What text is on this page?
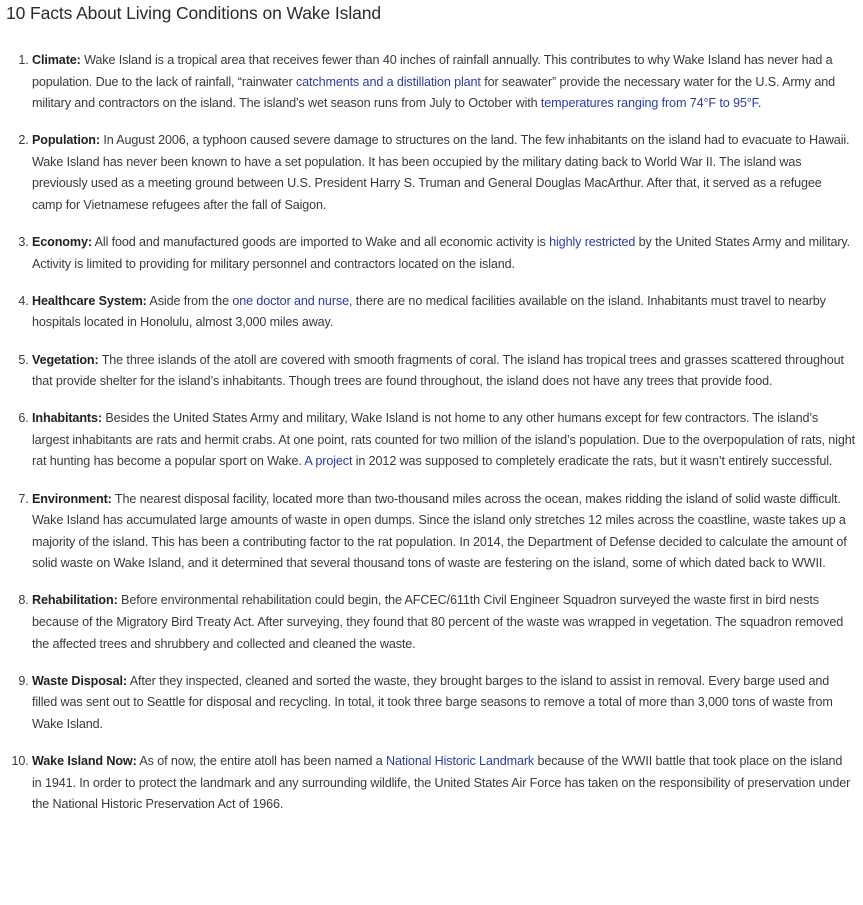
10 Facts About Living Conditions on Wake Island
1. Climate: Wake Island is a tropical area that receives fewer than 40 inches of rainfall annually. This contributes to why Wake Island has never had a population. Due to the lack of rainfall, “rainwater catchments and a distillation plant for seawater” provide the necessary water for the U.S. Army and military and contractors on the island. The island’s wet season runs from July to October with temperatures ranging from 74°F to 95°F.
2. Population: In August 2006, a typhoon caused severe damage to structures on the land. The few inhabitants on the island had to evacuate to Hawaii. Wake Island has never been known to have a set population. It has been occupied by the military dating back to World War II. The island was previously used as a meeting ground between U.S. President Harry S. Truman and General Douglas MacArthur. After that, it served as a refugee camp for Vietnamese refugees after the fall of Saigon.
3. Economy: All food and manufactured goods are imported to Wake and all economic activity is highly restricted by the United States Army and military. Activity is limited to providing for military personnel and contractors located on the island.
4. Healthcare System: Aside from the one doctor and nurse, there are no medical facilities available on the island. Inhabitants must travel to nearby hospitals located in Honolulu, almost 3,000 miles away.
5. Vegetation: The three islands of the atoll are covered with smooth fragments of coral. The island has tropical trees and grasses scattered throughout that provide shelter for the island’s inhabitants. Though trees are found throughout, the island does not have any trees that provide food.
6. Inhabitants: Besides the United States Army and military, Wake Island is not home to any other humans except for few contractors. The island’s largest inhabitants are rats and hermit crabs. At one point, rats counted for two million of the island’s population. Due to the overpopulation of rats, night rat hunting has become a popular sport on Wake. A project in 2012 was supposed to completely eradicate the rats, but it wasn’t entirely successful.
7. Environment: The nearest disposal facility, located more than two-thousand miles across the ocean, makes ridding the island of solid waste difficult. Wake Island has accumulated large amounts of waste in open dumps. Since the island only stretches 12 miles across the coastline, waste takes up a majority of the island. This has been a contributing factor to the rat population. In 2014, the Department of Defense decided to calculate the amount of solid waste on Wake Island, and it determined that several thousand tons of waste are festering on the island, some of which dated back to WWII.
8. Rehabilitation: Before environmental rehabilitation could begin, the AFCEC/611th Civil Engineer Squadron surveyed the waste first in bird nests because of the Migratory Bird Treaty Act. After surveying, they found that 80 percent of the waste was wrapped in vegetation. The squadron removed the affected trees and shrubbery and collected and cleaned the waste.
9. Waste Disposal: After they inspected, cleaned and sorted the waste, they brought barges to the island to assist in removal. Every barge used and filled was sent out to Seattle for disposal and recycling. In total, it took three barge seasons to remove a total of more than 3,000 tons of waste from Wake Island.
10. Wake Island Now: As of now, the entire atoll has been named a National Historic Landmark because of the WWII battle that took place on the island in 1941. In order to protect the landmark and any surrounding wildlife, the United States Air Force has taken on the responsibility of preservation under the National Historic Preservation Act of 1966.
